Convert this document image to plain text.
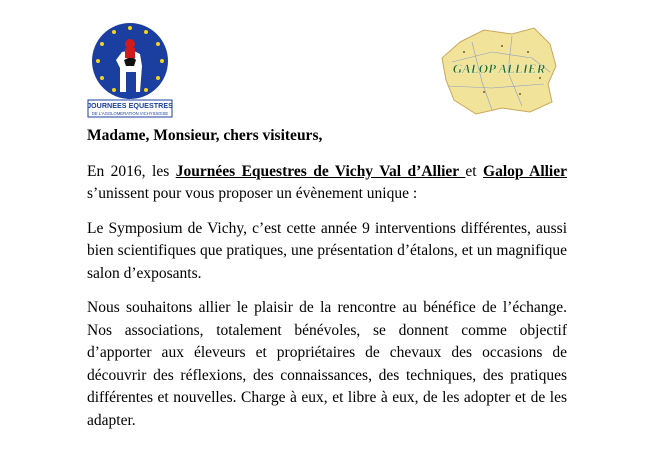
JOURNEES EQUESTRES
DE L'AGGLOMERATION VICHYSSOISE
GALOP ALLIER

Madame, Monsieur, chers visiteurs,

En 2016, les Journées Equestres de Vichy Val d’Allier et Galop Allier s’unissent pour vous proposer un évènement unique :

Le Symposium de Vichy, c’est cette année 9 interventions différentes, aussi bien scientifiques que pratiques, une présentation d’étalons, et un magnifique salon d’exposants.

Nous souhaitons allier le plaisir de la rencontre au bénéfice de l’échange. Nos associations, totalement bénévoles, se donnent comme objectif d’apporter aux éleveurs et propriétaires de chevaux des occasions de découvrir des réflexions, des connaissances, des techniques, des pratiques différentes et nouvelles. Charge à eux, et libre à eux, de les adopter et de les adapter.
